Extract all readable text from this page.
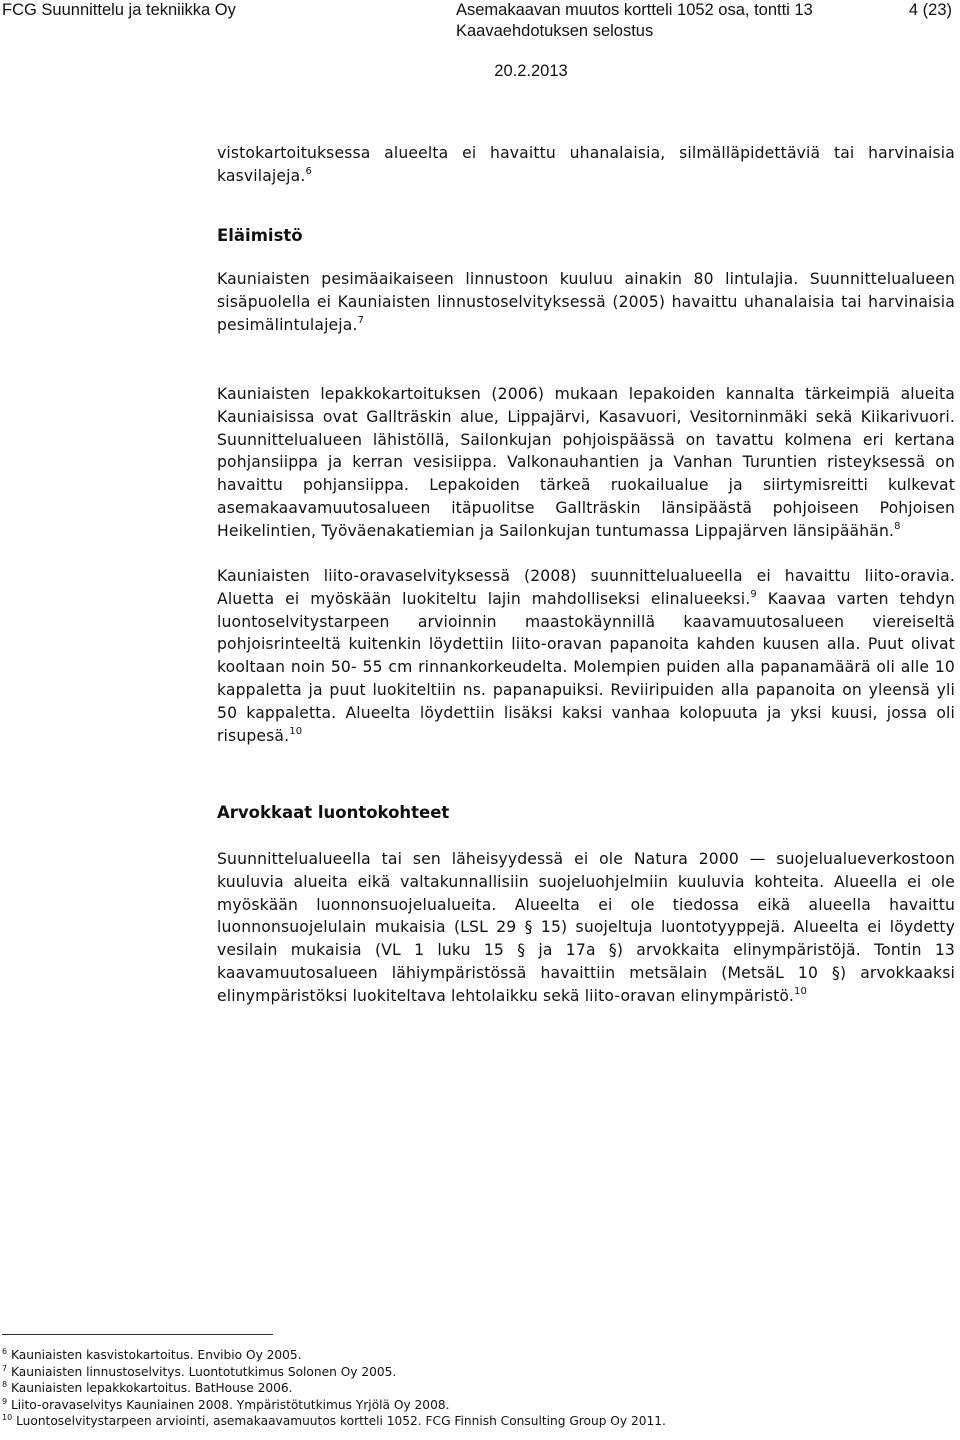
FCG Suunnittelu ja tekniikka Oy	Asemakaavan muutos kortteli 1052 osa, tontti 13	4 (23)
Kaavaehdotuksen selostus
20.2.2013

vistokartoituksessa alueelta ei havaittu uhanalaisia, silmälläpidettäviä tai harvinaisia kasvilajeja.$^6$

Eläimistö

Kauniaisten pesimäaikaiseen linnustoon kuuluu ainakin 80 lintulajia. Suunnittelualueen sisäpuolella ei Kauniaisten linnustoselvityksessä (2005) havaittu uhanalaisia tai harvinaisia pesimälintulajeja.$^7$

Kauniaisten lepakkokartoituksen (2006) mukaan lepakoiden kannalta tärkeimpiä alueita Kauniaisissa ovat Gallträskin alue, Lippajärvi, Kasavuori, Vesitorninmäki sekä Kiikarivuori. Suunnittelualueen lähistöllä, Sailonkujan pohjoispäässä on tavattu kolmena eri kertana pohjansiippa ja kerran vesisiippa. Valkonauhantien ja Vanhan Turuntien risteyksessä on havaittu pohjansiippa. Lepakoiden tärkeä ruokailualue ja siirtymisreitti kulkevat asemakaavamuutosalueen itäpuolitse Gallträskin länsipäästä pohjoiseen Pohjoisen Heikelintien, Työväenakatiemian ja Sailonkujan tuntumassa Lippajärven länsipäähän.$^8$

Kauniaisten liito-oravaselvityksessä (2008) suunnittelualueella ei havaittu liito-oravia. Aluetta ei myöskään luokiteltu lajin mahdolliseksi elinalueeksi.$^9$ Kaavaa varten tehdyn luontoselvitystarpeen arvioinnin maastokäynnillä kaavamuutosalueen viereiseltä pohjoisrinteeltä kuitenkin löydettiin liito-oravan papanoita kahden kuusen alla. Puut olivat kooltaan noin 50- 55 cm rinnankorkeudelta. Molempien puiden alla papanamäärä oli alle 10 kappaletta ja puut luokiteltiin ns. papanapuiksi. Reviiripuiden alla papanoita on yleensä yli 50 kappaletta. Alueelta löydettiin lisäksi kaksi vanhaa kolopuuta ja yksi kuusi, jossa oli risupesä.$^{10}$

Arvokkaat luontokohteet

Suunnittelualueella tai sen läheisyydessä ei ole Natura 2000 — suojelualueverkostoon kuuluvia alueita eikä valtakunnallisiin suojeluohjelmiin kuuluvia kohteita. Alueella ei ole myöskään luonnonsuojelualueita. Alueelta ei ole tiedossa eikä alueella havaittu luonnonsuojelulain mukaisia (LSL 29 § 15) suojeltuja luontotyyppejä. Alueelta ei löydetty vesilain mukaisia (VL 1 luku 15 § ja 17a §) arvokkaita elinympäristöjä. Tontin 13 kaavamuutosalueen lähiympäristössä havaittiin metsälain (MetsäL 10 §) arvokkaaksi elinympäristöksi luokiteltava lehtolaikku sekä liito-oravan elinympäristö.$^{10}$

$^6$ Kauniaisten kasvistokartoitus. Envibio Oy 2005.
$^7$ Kauniaisten linnustoselvitys. Luontotutkimus Solonen Oy 2005.
$^8$ Kauniaisten lepakkokartoitus. BatHouse 2006.
$^9$ Liito-oravaselvitys Kauniainen 2008. Ympäristötutkimus Yrjölä Oy 2008.
$^{10}$ Luontoselvitystarpeen arviointi, asemakaavamuutos kortteli 1052. FCG Finnish Consulting Group Oy 2011.
